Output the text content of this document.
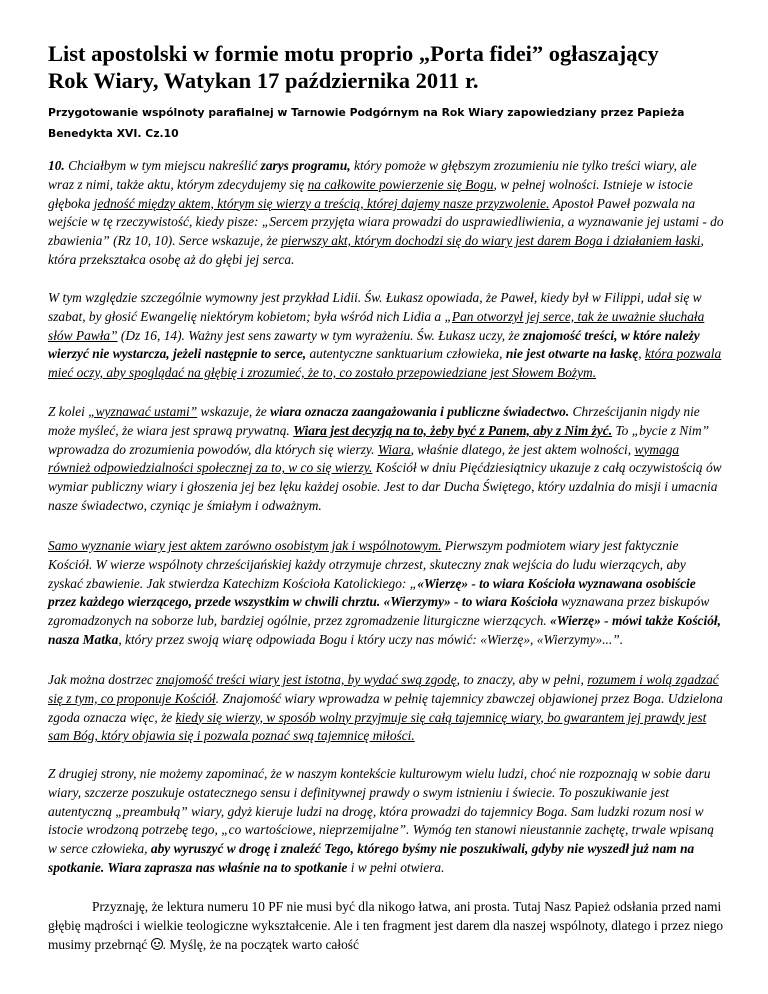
List apostolski w formie motu proprio „Porta fidei” ogłaszający
Rok Wiary, Watykan 17 października 2011 r.

Przygotowanie wspólnoty parafialnej w Tarnowie Podgórnym na Rok Wiary zapowiedziany przez Papieża Benedykta XVI. Cz.10

10. Chciałbym w tym miejscu nakreślić zarys programu, który pomoże w głębszym zrozumieniu nie tylko treści wiary, ale wraz z nimi, także aktu, którym zdecydujemy się na całkowite powierzenie się Bogu, w pełnej wolności. Istnieje w istocie głęboka jedność między aktem, którym się wierzy a treścią, której dajemy nasze przyzwolenie. Apostoł Paweł pozwala na wejście w tę rzeczywistość, kiedy pisze: „Sercem przyjęta wiara prowadzi do usprawiedliwienia, a wyznawanie jej ustami - do zbawienia” (Rz 10, 10). Serce wskazuje, że pierwszy akt, którym dochodzi się do wiary jest darem Boga i działaniem łaski, która przekształca osobę aż do głębi jej serca.

W tym względzie szczególnie wymowny jest przykład Lidii. Św. Łukasz opowiada, że Paweł, kiedy był w Filippi, udał się w szabat, by głosić Ewangelię niektórym kobietom; była wśród nich Lidia a „Pan otworzył jej serce, tak że uważnie słuchała słów Pawła” (Dz 16, 14). Ważny jest sens zawarty w tym wyrażeniu. Św. Łukasz uczy, że znajomość treści, w które należy wierzyć nie wystarcza, jeżeli następnie to serce, autentyczne sanktuarium człowieka, nie jest otwarte na łaskę, która pozwala mieć oczy, aby spoglądać na głębię i zrozumieć, że to, co zostało przepowiedziane jest Słowem Bożym.

Z kolei „wyznawać ustami” wskazuje, że wiara oznacza zaangażowania i publiczne świadectwo. Chrześcijanin nigdy nie może myśleć, że wiara jest sprawą prywatną. Wiara jest decyzją na to, żeby być z Panem, aby z Nim żyć. To „bycie z Nim” wprowadza do zrozumienia powodów, dla których się wierzy. Wiara, właśnie dlatego, że jest aktem wolności, wymaga również odpowiedzialności społecznej za to, w co się wierzy. Kościół w dniu Pięćdziesiątnicy ukazuje z całą oczywistością ów wymiar publiczny wiary i głoszenia jej bez lęku każdej osobie. Jest to dar Ducha Świętego, który uzdalnia do misji i umacnia nasze świadectwo, czyniąc je śmiałym i odważnym.

Samo wyznanie wiary jest aktem zarówno osobistym jak i wspólnotowym. Pierwszym podmiotem wiary jest faktycznie Kościół. W wierze wspólnoty chrześcijańskiej każdy otrzymuje chrzest, skuteczny znak wejścia do ludu wierzących, aby zyskać zbawienie. Jak stwierdza Katechizm Kościoła Katolickiego: „«Wierzę» - to wiara Kościoła wyznawana osobiście przez każdego wierzącego, przede wszystkim w chwili chrztu. «Wierzymy» - to wiara Kościoła wyznawana przez biskupów zgromadzonych na soborze lub, bardziej ogólnie, przez zgromadzenie liturgiczne wierzących. «Wierzę» - mówi także Kościół, nasza Matka, który przez swoją wiarę odpowiada Bogu i który uczy nas mówić: «Wierzę», «Wierzymy»...”.

Jak można dostrzec znajomość treści wiary jest istotna, by wydać swą zgodę, to znaczy, aby w pełni, rozumem i wolą zgadzać się z tym, co proponuje Kościół. Znajomość wiary wprowadza w pełnię tajemnicy zbawczej objawionej przez Boga. Udzielona zgoda oznacza więc, że kiedy się wierzy, w sposób wolny przyjmuje się całą tajemnicę wiary, bo gwarantem jej prawdy jest sam Bóg, który objawia się i pozwala poznać swą tajemnicę miłości.

Z drugiej strony, nie możemy zapominać, że w naszym kontekście kulturowym wielu ludzi, choć nie rozpoznają w sobie daru wiary, szczerze poszukuje ostatecznego sensu i definitywnej prawdy o swym istnieniu i świecie. To poszukiwanie jest autentyczną „preambułą” wiary, gdyż kieruje ludzi na drogę, która prowadzi do tajemnicy Boga. Sam ludzki rozum nosi w istocie wrodzoną potrzebę tego, „co wartościowe, nieprzemijalne”. Wymóg ten stanowi nieustannie zachętę, trwale wpisaną w serce człowieka, aby wyruszyć w drogę i znaleźć Tego, którego byśmy nie poszukiwali, gdyby nie wyszedł już nam na spotkanie. Wiara zaprasza nas właśnie na to spotkanie i w pełni otwiera.

Przyznaję, że lektura numeru 10 PF nie musi być dla nikogo łatwa, ani prosta. Tutaj Nasz Papież odsłania przed nami głębię mądrości i wielkie teologiczne wykształcenie. Ale i ten fragment jest darem dla naszej wspólnoty, dlatego i przez niego musimy przebrnąć . Myślę, że na początek warto całość
